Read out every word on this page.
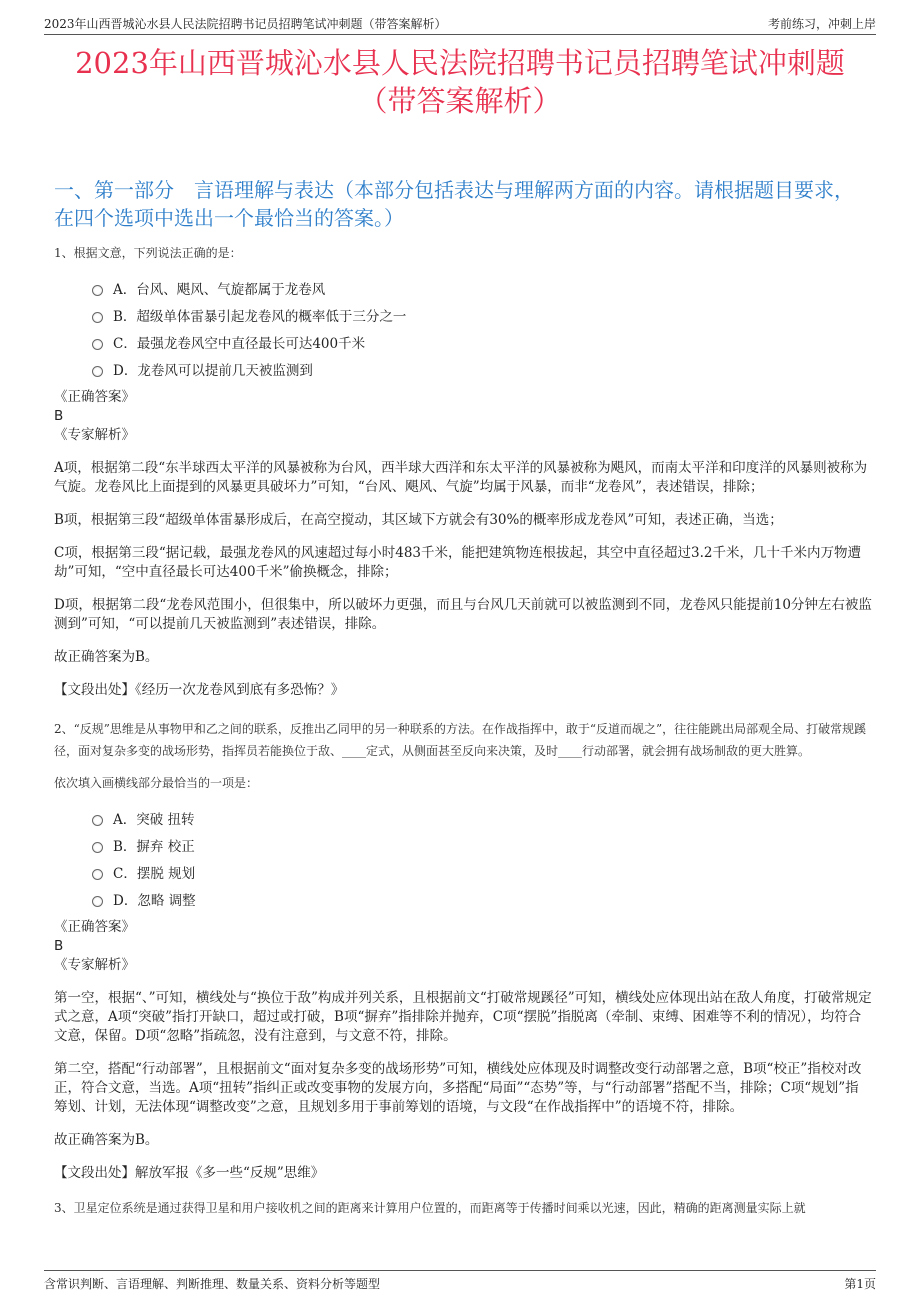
2023年山西晋城沁水县人民法院招聘书记员招聘笔试冲刺题（带答案解析）	考前练习，冲刺上岸
2023年山西晋城沁水县人民法院招聘书记员招聘笔试冲刺题
（带答案解析）
一、第一部分　言语理解与表达（本部分包括表达与理解两方面的内容。请根据题目要求，在四个选项中选出一个最恰当的答案。）
1、根据文意，下列说法正确的是：
A．台风、飓风、气旋都属于龙卷风
B．超级单体雷暴引起龙卷风的概率低于三分之一
C．最强龙卷风空中直径最长可达400千米
D．龙卷风可以提前几天被监测到
《正确答案》
B
《专家解析》
A项，根据第二段“东半球西太平洋的风暴被称为台风，西半球大西洋和东太平洋的风暴被称为飓风，而南太平洋和印度洋的风暴则被称为气旋。龙卷风比上面提到的风暴更具破坏力”可知，“台风、飓风、气旋”均属于风暴，而非“龙卷风”，表述错误，排除；
B项，根据第三段“超级单体雷暴形成后，在高空搅动，其区域下方就会有30%的概率形成龙卷风”可知，表述正确，当选；
C项，根据第三段“据记载，最强龙卷风的风速超过每小时483千米，能把建筑物连根拔起，其空中直径超过3.2千米，几十千米内万物遭劫”可知，“空中直径最长可达400千米”偷换概念，排除；
D项，根据第二段“龙卷风范围小，但很集中，所以破坏力更强，而且与台风几天前就可以被监测到不同，龙卷风只能提前10分钟左右被监测到”可知，“可以提前几天被监测到”表述错误，排除。
故正确答案为B。
【文段出处】《经历一次龙卷风到底有多恐怖？》
2、“反规”思维是从事物甲和乙之间的联系，反推出乙同甲的另一种联系的方法。在作战指挥中，敢于“反道而觇之”，往往能跳出局部观全局、打破常规蹊径，面对复杂多变的战场形势，指挥员若能换位于敌、____定式，从侧面甚至反向来决策，及时____行动部署，就会拥有战场制敌的更大胜算。
依次填入画横线部分最恰当的一项是：
A．突破 扭转
B．摒弃 校正
C．摆脱 规划
D．忽略 调整
《正确答案》
B
《专家解析》
第一空，根据“、”可知，横线处与“换位于敌”构成并列关系，且根据前文“打破常规蹊径”可知，横线处应体现出站在敌人角度，打破常规定式之意，A项“突破”指打开缺口，超过或打破，B项“摒弃”指排除并抛弃，C项“摆脱”指脱离（牵制、束缚、困难等不利的情况），均符合文意，保留。D项“忽略”指疏忽，没有注意到，与文意不符，排除。
第二空，搭配“行动部署”，且根据前文“面对复杂多变的战场形势”可知，横线处应体现及时调整改变行动部署之意，B项“校正”指校对改正，符合文意，当选。A项“扭转”指纠正或改变事物的发展方向，多搭配“局面”“态势”等，与“行动部署”搭配不当，排除；C项“规划”指筹划、计划，无法体现“调整改变”之意，且规划多用于事前筹划的语境，与文段“在作战指挥中”的语境不符，排除。
故正确答案为B。
【文段出处】解放军报《多一些“反规”思维》
3、卫星定位系统是通过获得卫星和用户接收机之间的距离来计算用户位置的，而距离等于传播时间乘以光速，因此，精确的距离测量实际上就
含常识判断、言语理解、判断推理、数量关系、资料分析等题型	第1页
